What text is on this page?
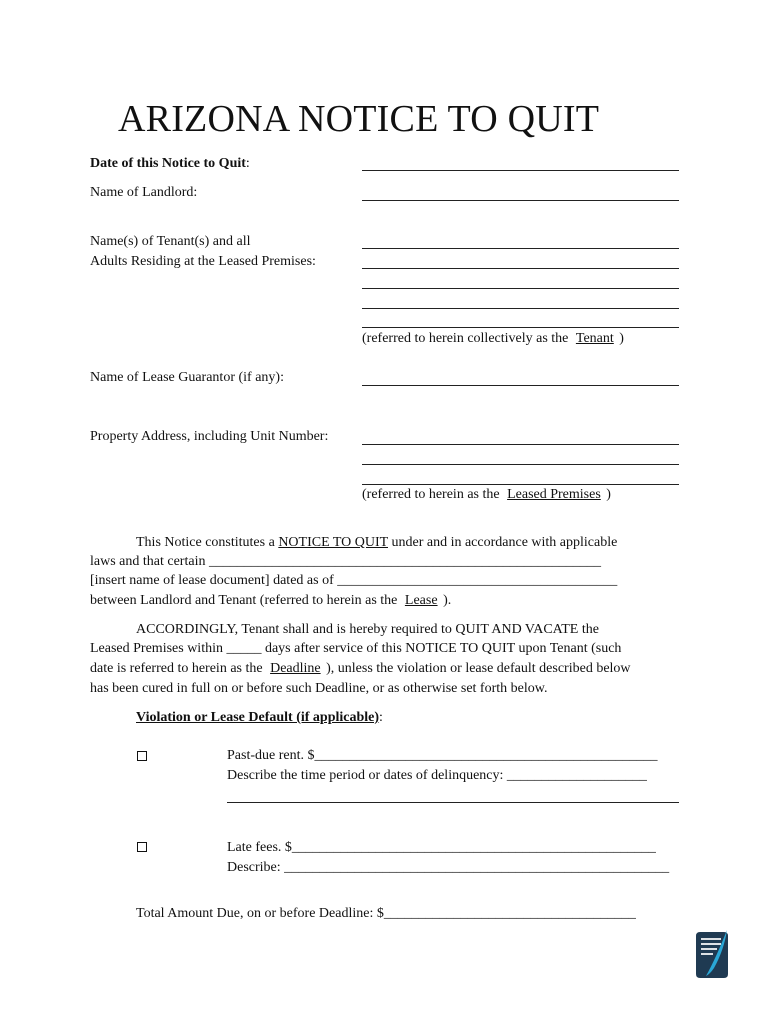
ARIZONA NOTICE TO QUIT
Date of this Notice to Quit:
Name of Landlord:
Name(s) of Tenant(s) and all
Adults Residing at the Leased Premises:
(referred to herein collectively as the Tenant )
Name of Lease Guarantor (if any):
Property Address, including Unit Number:
(referred to herein as the Leased Premises )
This Notice constitutes a NOTICE TO QUIT under and in accordance with applicable
laws and that certain ________________________________________________________
[insert name of lease document] dated as of ________________________________________
between Landlord and Tenant (referred to herein as the Lease ).
ACCORDINGLY, Tenant shall and is hereby required to QUIT AND VACATE the
Leased Premises within _____ days after service of this NOTICE TO QUIT upon Tenant (such
date is referred to herein as the Deadline ), unless the violation or lease default described below
has been cured in full on or before such Deadline, or as otherwise set forth below.
Violation or Lease Default (if applicable):
Past-due rent. $_________________________________________________
Describe the time period or dates of delinquency: ____________________
Late fees. $____________________________________________________
Describe: _______________________________________________________
Total Amount Due, on or before Deadline: $____________________________________
